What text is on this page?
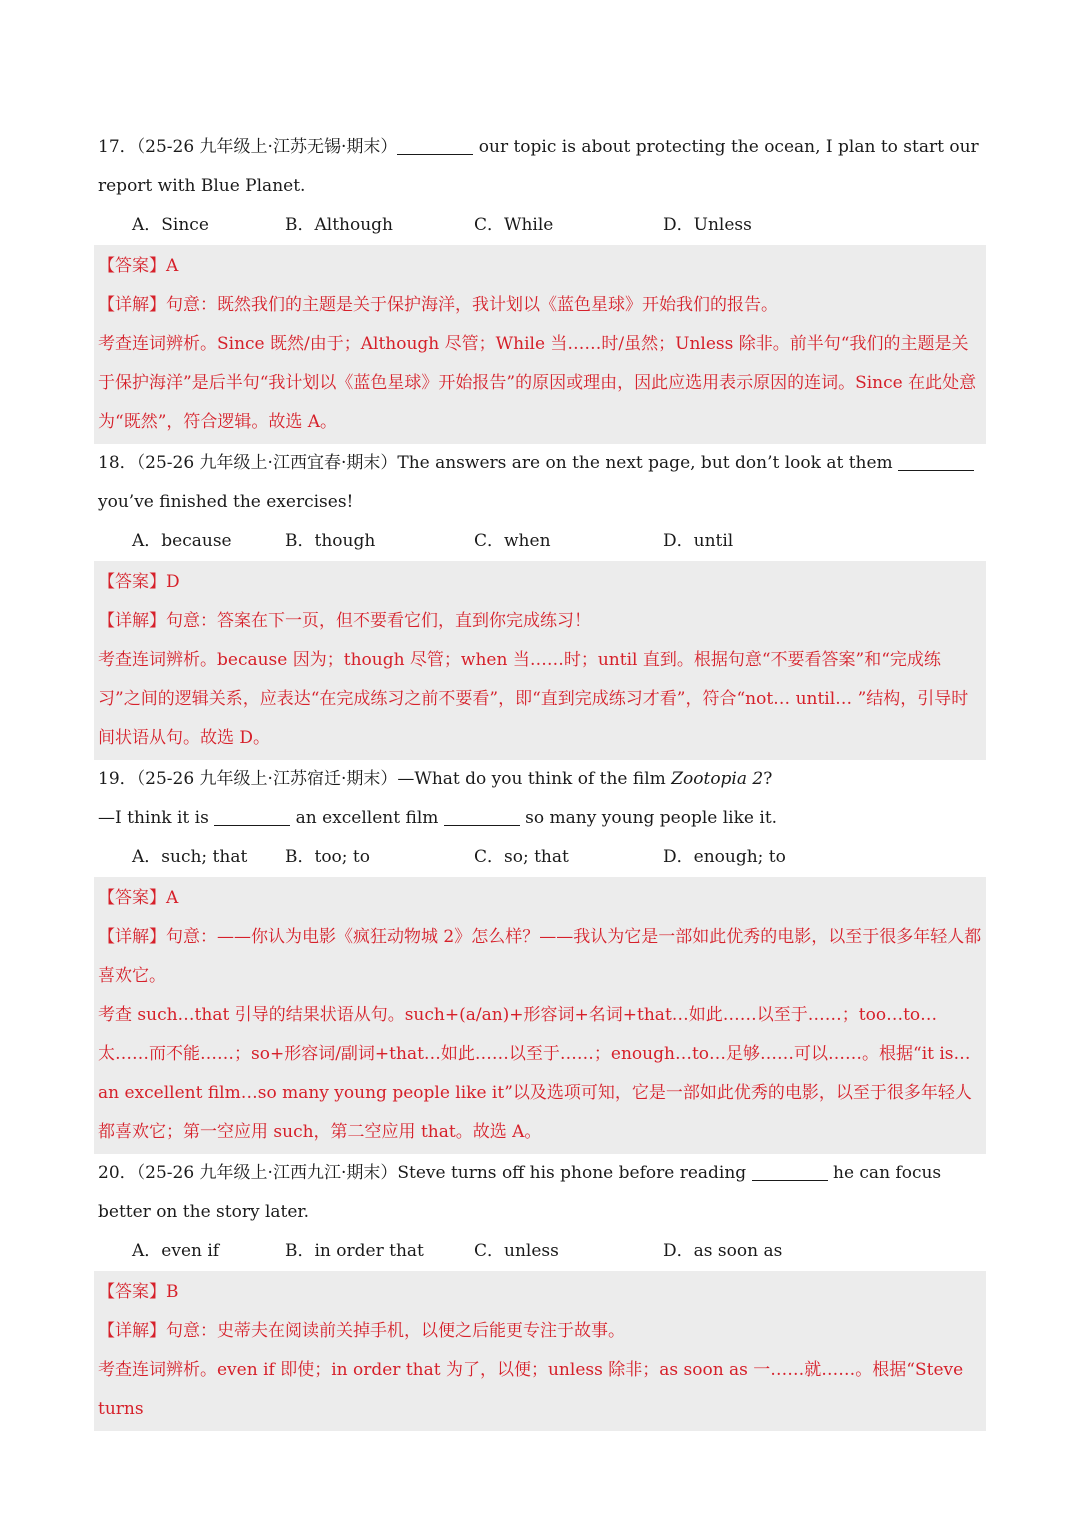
17．（25-26 九年级上·江苏无锡·期末）	our topic is about protecting the ocean, I plan to start our report with Blue Planet.
A．Since	B．Although	C．While	D．Unless

【答案】A

【详解】句意：既然我们的主题是关于保护海洋，我计划以《蓝色星球》开始我们的报告。

考查连词辨析。Since 既然/由于；Although 尽管；While 当……时/虽然；Unless 除非。前半句“我们的主题是关于保护海洋”是后半句“我计划以《蓝色星球》开始报告”的原因或理由，因此应选用表示原因的连词。Since 在此处意为“既然”，符合逻辑。故选 A。

18．（25-26 九年级上·江西宜春·期末）The answers are on the next page, but don’t look at them  you’ve finished the exercises!
A．because	B．though	C．when	D．until

【答案】D

【详解】句意：答案在下一页，但不要看它们，直到你完成练习！

考查连词辨析。because 因为；though 尽管；when 当……时；until 直到。根据句意“不要看答案”和“完成练习”之间的逻辑关系，应表达“在完成练习之前不要看”，即“直到完成练习才看”，符合“not… until… ”结构，引导时间状语从句。故选 D。

19．（25-26 九年级上·江苏宿迁·期末）—What do you think of the film Zootopia 2?
—I think it is	an excellent film	so many young people like it.
A．such; that	B．too; to	C．so; that	D．enough; to

【答案】A

【详解】句意：——你认为电影《疯狂动物城 2》怎么样？——我认为它是一部如此优秀的电影，以至于很多年轻人都喜欢它。

考查 such…that 引导的结果状语从句。such+(a/an)+形容词+名词+that…如此……以至于……；too…to…太……而不能……；so+形容词/副词+that…如此……以至于……；enough…to…足够……可以……。根据“it is…an excellent film…so many young people like it”以及选项可知，它是一部如此优秀的电影，以至于很多年轻人都喜欢它；第一空应用 such，第二空应用 that。故选 A。

20．（25-26 九年级上·江西九江·期末）Steve turns off his phone before reading	he can focus better on the story later.
A．even if	B．in order that	C．unless	D．as soon as

【答案】B

【详解】句意：史蒂夫在阅读前关掉手机，以便之后能更专注于故事。

考查连词辨析。even if 即使；in order that 为了，以便；unless 除非；as soon as 一……就……。根据“Steve turns
